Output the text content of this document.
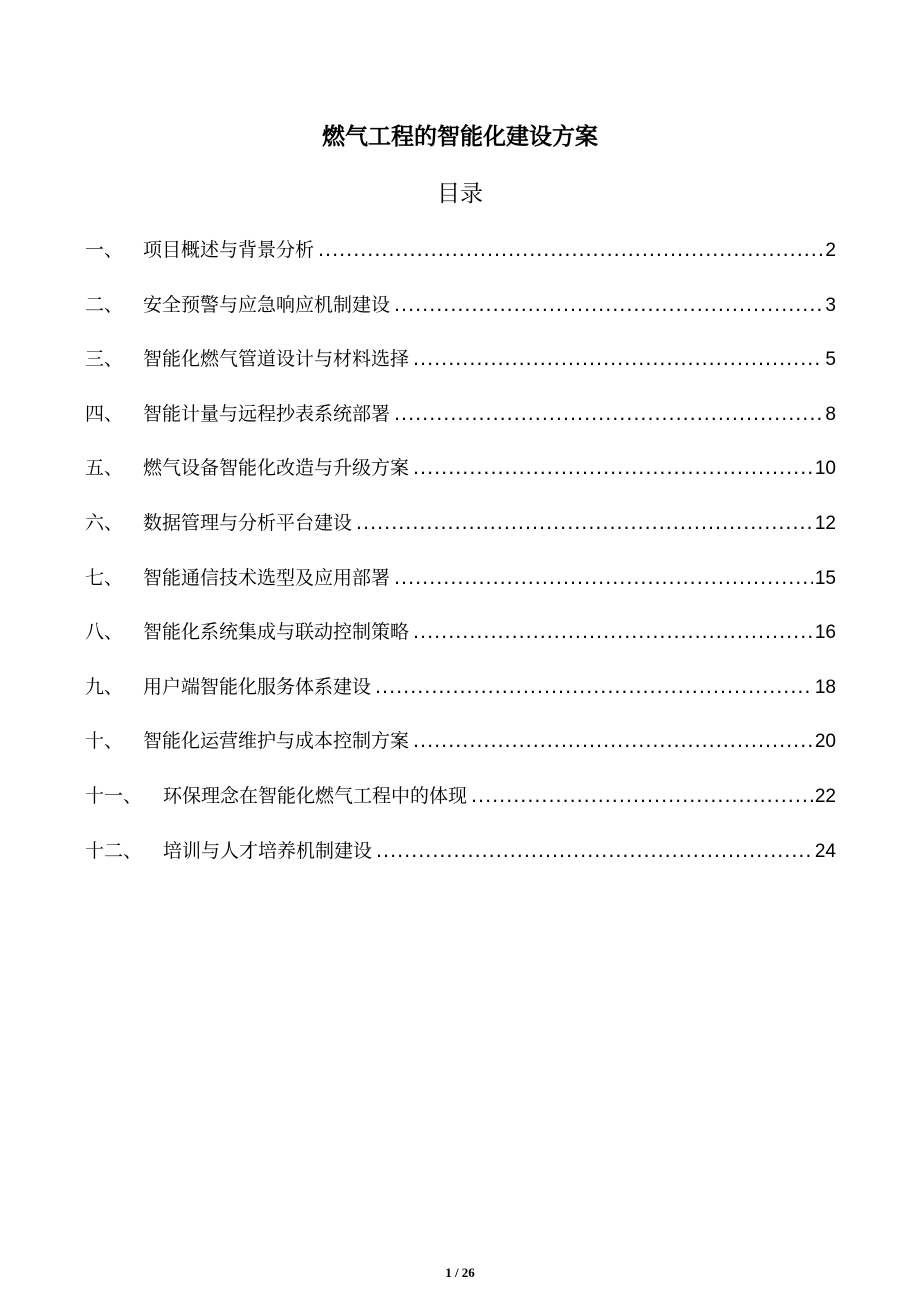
燃气工程的智能化建设方案
目录
一、	项目概述与背景分析 .....	2
二、	安全预警与应急响应机制建设 .....	3
三、	智能化燃气管道设计与材料选择 .....	5
四、	智能计量与远程抄表系统部署 .....	8
五、	燃气设备智能化改造与升级方案 .....	10
六、	数据管理与分析平台建设 .....	12
七、	智能通信技术选型及应用部署 .....	15
八、	智能化系统集成与联动控制策略 .....	16
九、	用户端智能化服务体系建设 .....	18
十、	智能化运营维护与成本控制方案 .....	20
十一、	环保理念在智能化燃气工程中的体现 .....	22
十二、	培训与人才培养机制建设 .....	24
1 / 26
